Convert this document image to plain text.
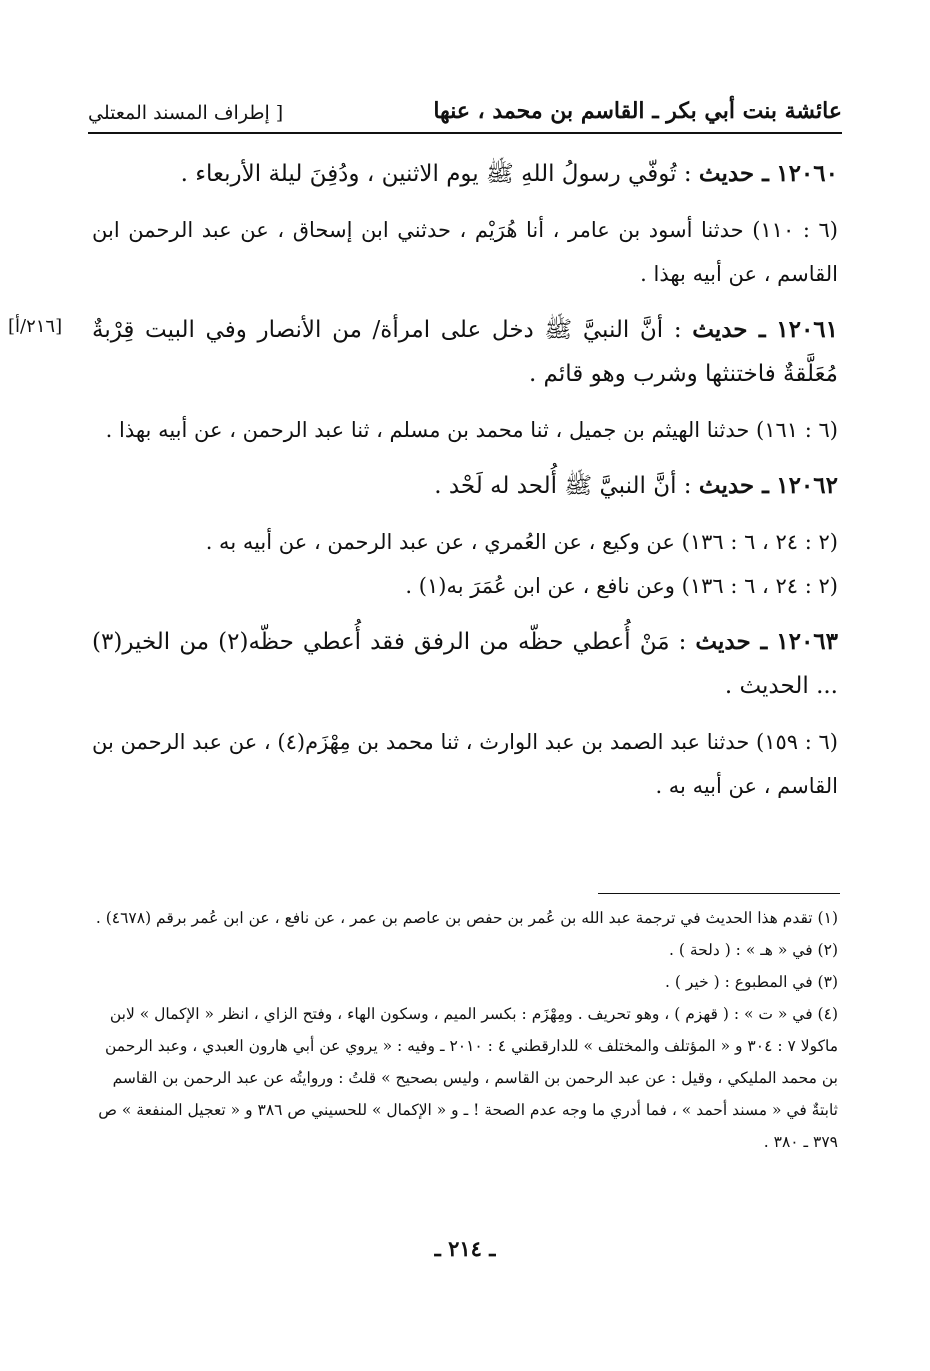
عائشة بنت أبي بكر ـ القاسم بن محمد ، عنها
[ إطراف المسند المعتلي
[٢١٦/أ]
١٢٠٦٠ ـ حديث : تُوفّي رسولُ اللهِ ﷺ يوم الاثنين ، ودُفِنَ ليلة الأربعاء .

(٦ : ١١٠) حدثنا أسود بن عامر ، أنا هُرَيْم ، حدثني ابن إسحاق ، عن عبد الرحمن ابن القاسم ، عن أبيه بهذا .

١٢٠٦١ ـ حديث : أنَّ النبيَّ ﷺ دخل على امرأة/ من الأنصار وفي البيت قِرْبةٌ مُعَلَّقةٌ فاختنثها وشرب وهو قائم .

(٦ : ١٦١) حدثنا الهيثم بن جميل ، ثنا محمد بن مسلم ، ثنا عبد الرحمن ، عن أبيه بهذا .

١٢٠٦٢ ـ حديث : أنَّ النبيَّ ﷺ أُلحد له لَحْد .

(٢ : ٢٤ ، ٦ : ١٣٦) عن وكيع ، عن العُمري ، عن عبد الرحمن ، عن أبيه به .

(٢ : ٢٤ ، ٦ : ١٣٦) وعن نافع ، عن ابن عُمَرَ به(١) .

١٢٠٦٣ ـ حديث : مَنْ أُعطي حظّه من الرفق فقد أُعطي حظّه(٢) من الخير(٣) ... الحديث .

(٦ : ١٥٩) حدثنا عبد الصمد بن عبد الوارث ، ثنا محمد بن مِهْزَم(٤) ، عن عبد الرحمن بن القاسم ، عن أبيه به .

(١) تقدم هذا الحديث في ترجمة عبد الله بن عُمر بن حفص بن عاصم بن عمر ، عن نافع ، عن ابن عُمر برقم (٤٦٧٨) .

(٢) في « هـ » : ( دلحة ) .

(٣) في المطبوع : ( خير ) .

(٤) في « ت » : ( قهزم ) ، وهو تحريف . ومِهْزَم : بكسر الميم ، وسكون الهاء ، وفتح الزاي ، انظر « الإكمال » لابن ماكولا ٧ : ٣٠٤ و « المؤتلف والمختلف » للدارقطني ٤ : ٢٠١٠ ـ وفيه : « يروي عن أبي هارون العبدي ، وعبد الرحمن بن محمد المليكي ، وقيل : عن عبد الرحمن بن القاسم ، وليس بصحيح » قلتُ : وروايتُه عن عبد الرحمن بن القاسم ثابتةٌ في « مسند أحمد » ، فما أدري ما وجه عدم الصحة ! ـ و « الإكمال » للحسيني ص ٣٨٦ و « تعجيل المنفعة » ص ٣٧٩ ـ ٣٨٠ .

ـ ٢١٤ ـ
